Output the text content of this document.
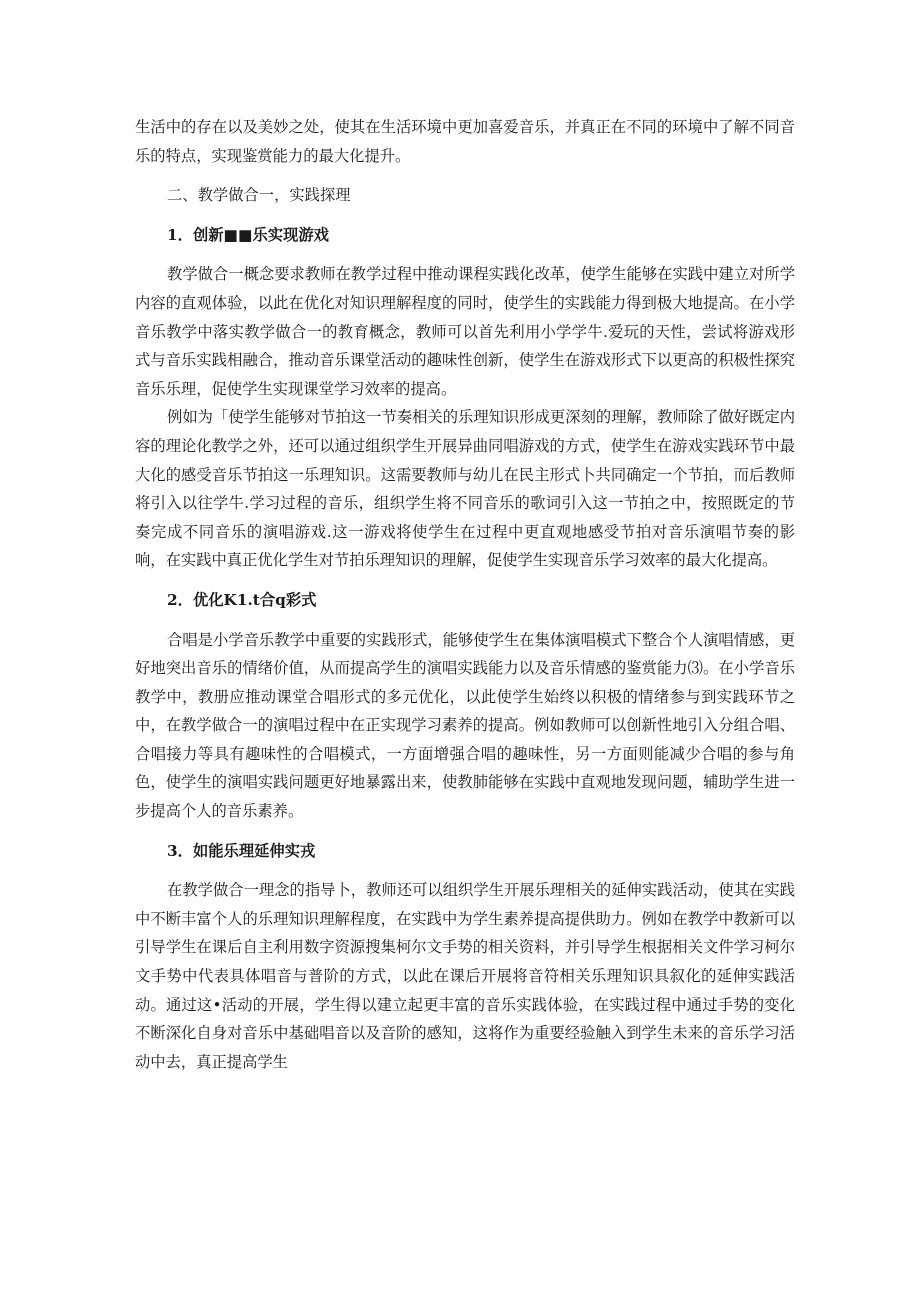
生活中的存在以及美妙之处，使其在生活环境中更加喜爱音乐，并真正在不同的环境中了解不同音乐的特点，实现鉴赏能力的最大化提升。

二、教学做合一，实践探理

1．创新■■乐实现游戏

教学做合一概念要求教师在教学过程中推动课程实践化改革，使学生能够在实践中建立对所学内容的直观体验，以此在优化对知识理解程度的同时，使学生的实践能力得到极大地提高。在小学音乐教学中落实教学做合一的教育概念，教师可以首先利用小学学牛.爱玩的天性，尝试将游戏形式与音乐实践相融合，推动音乐课堂活动的趣味性创新，使学生在游戏形式下以更高的积极性探究音乐乐理，促使学生实现课堂学习效率的提高。

例如为「使学生能够对节拍这一节奏相关的乐理知识形成更深刻的理解，教师除了做好既定内容的理论化教学之外，还可以通过组织学生开展异曲同唱游戏的方式，使学生在游戏实践环节中最大化的感受音乐节拍这一乐理知识。这需要教师与幼儿在民主形式卜共同确定一个节拍，而后教师将引入以往学牛.学习过程的音乐，组织学生将不同音乐的歌词引入这一节拍之中，按照既定的节奏完成不同音乐的演唱游戏.这一游戏将使学生在过程中更直观地感受节拍对音乐演唱节奏的影响，在实践中真正优化学生对节拍乐理知识的理解，促使学生实现音乐学习效率的最大化提高。

2．优化K1.t合q彩式

合唱是小学音乐教学中重要的实践形式，能够使学生在集体演唱模式下整合个人演唱情感，更好地突出音乐的情绪价值，从而提高学生的演唱实践能力以及音乐情感的鉴赏能力⑶。在小学音乐教学中，教册应推动课堂合唱形式的多元优化，以此使学生始终以积极的情绪参与到实践环节之中，在教学做合一的演唱过程中在正实现学习素养的提高。例如教师可以创新性地引入分组合唱、合唱接力等具有趣味性的合唱模式，一方面增强合唱的趣味性，另一方面则能减少合唱的参与角色，使学生的演唱实践问题更好地暴露出来，使教肺能够在实践中直观地发现问题，辅助学生进一步提高个人的音乐素养。

3．如能乐理延伸实戎

在教学做合一理念的指导卜，教师还可以组织学生开展乐理相关的延伸实践活动，使其在实践中不断丰富个人的乐理知识理解程度，在实践中为学生素养提高提供助力。例如在教学中教新可以引导学生在课后自主利用数字资源搜集柯尔文手势的相关资料，并引导学生根据相关文件学习柯尔文手势中代表具体唱音与普阶的方式，以此在课后开展将音符相关乐理知识具叙化的延伸实践活动。通过这•活动的开展，学生得以建立起更丰富的音乐实践体验，在实践过程中通过手势的变化不断深化自身对音乐中基础唱音以及音阶的感知，这将作为重要经验触入到学生未来的音乐学习活动中去，真正提高学生
